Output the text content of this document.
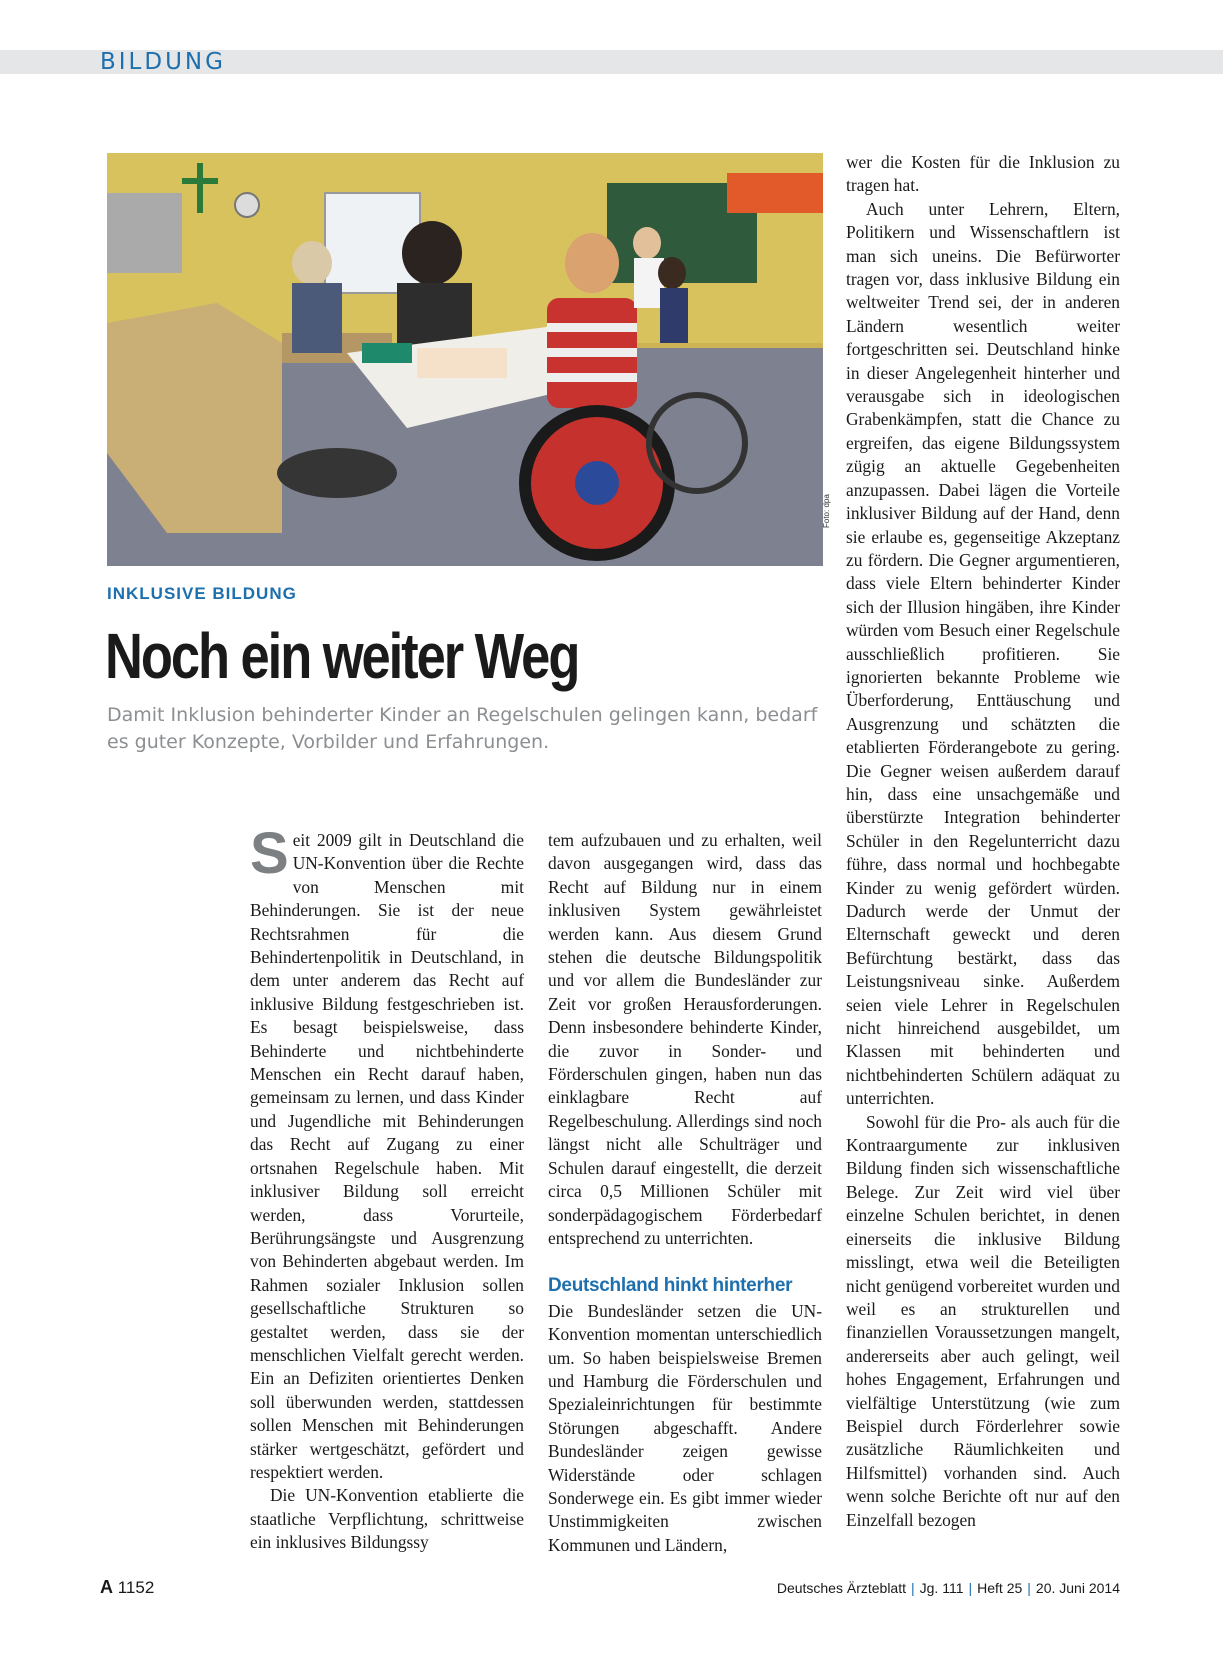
BILDUNG
Foto: dpa
INKLUSIVE BILDUNG
Noch ein weiter Weg
Damit Inklusion behinderter Kinder an Regelschulen gelingen kann, bedarf es guter Konzepte, Vorbilder und Erfahrungen.

Seit 2009 gilt in Deutschland die UN-Konvention über die Rechte von Menschen mit Behinderungen. Sie ist der neue Rechtsrahmen für die Behindertenpolitik in Deutschland, in dem unter anderem das Recht auf inklusive Bildung festgeschrieben ist. Es besagt beispielsweise, dass Behinderte und nichtbehinderte Menschen ein Recht darauf haben, gemeinsam zu lernen, und dass Kinder und Jugendliche mit Behinderungen das Recht auf Zugang zu einer ortsnahen Regelschule haben. Mit inklusiver Bildung soll erreicht werden, dass Vorurteile, Berührungsängste und Ausgrenzung von Behinderten abgebaut werden. Im Rahmen sozialer Inklusion sollen gesellschaftliche Strukturen so gestaltet werden, dass sie der menschlichen Vielfalt gerecht werden. Ein an Defiziten orientiertes Denken soll überwunden werden, stattdessen sollen Menschen mit Behinderungen stärker wertgeschätzt, gefördert und respektiert werden.

Die UN-Konvention etablierte die staatliche Verpflichtung, schrittweise ein inklusives Bildungssy

tem aufzubauen und zu erhalten, weil davon ausgegangen wird, dass das Recht auf Bildung nur in einem inklusiven System gewährleistet werden kann. Aus diesem Grund stehen die deutsche Bildungspolitik und vor allem die Bundesländer zur Zeit vor großen Herausforderungen. Denn insbesondere behinderte Kinder, die zuvor in Sonder- und Förderschulen gingen, haben nun das einklagbare Recht auf Regelbeschulung. Allerdings sind noch längst nicht alle Schulträger und Schulen darauf eingestellt, die derzeit circa 0,5 Millionen Schüler mit sonderpädagogischem Förderbedarf entsprechend zu unterrichten.

Deutschland hinkt hinterher

Die Bundesländer setzen die UN-Konvention momentan unterschiedlich um. So haben beispielsweise Bremen und Hamburg die Förderschulen und Spezialeinrichtungen für bestimmte Störungen abgeschafft. Andere Bundesländer zeigen gewisse Widerstände oder schlagen Sonderwege ein. Es gibt immer wieder Unstimmigkeiten zwischen Kommunen und Ländern,

wer die Kosten für die Inklusion zu tragen hat.

Auch unter Lehrern, Eltern, Politikern und Wissenschaftlern ist man sich uneins. Die Befürworter tragen vor, dass inklusive Bildung ein weltweiter Trend sei, der in anderen Ländern wesentlich weiter fortgeschritten sei. Deutschland hinke in dieser Angelegenheit hinterher und verausgabe sich in ideologischen Grabenkämpfen, statt die Chance zu ergreifen, das eigene Bildungssystem zügig an aktuelle Gegebenheiten anzupassen. Dabei lägen die Vorteile inklusiver Bildung auf der Hand, denn sie erlaube es, gegenseitige Akzeptanz zu fördern. Die Gegner argumentieren, dass viele Eltern behinderter Kinder sich der Illusion hingäben, ihre Kinder würden vom Besuch einer Regelschule ausschließlich profitieren. Sie ignorierten bekannte Probleme wie Überforderung, Enttäuschung und Ausgrenzung und schätzten die etablierten Förderangebote zu gering. Die Gegner weisen außerdem darauf hin, dass eine unsachgemäße und überstürzte Integration behinderter Schüler in den Regelunterricht dazu führe, dass normal und hochbegabte Kinder zu wenig gefördert würden. Dadurch werde der Unmut der Elternschaft geweckt und deren Befürchtung bestärkt, dass das Leistungsniveau sinke. Außerdem seien viele Lehrer in Regelschulen nicht hinreichend ausgebildet, um Klassen mit behinderten und nichtbehinderten Schülern adäquat zu unterrichten.

Sowohl für die Pro- als auch für die Kontraargumente zur inklusiven Bildung finden sich wissenschaftliche Belege. Zur Zeit wird viel über einzelne Schulen berichtet, in denen einerseits die inklusive Bildung misslingt, etwa weil die Beteiligten nicht genügend vorbereitet wurden und weil es an strukturellen und finanziellen Voraussetzungen mangelt, andererseits aber auch gelingt, weil hohes Engagement, Erfahrungen und vielfältige Unterstützung (wie zum Beispiel durch Förderlehrer sowie zusätzliche Räumlichkeiten und Hilfsmittel) vorhanden sind. Auch wenn solche Berichte oft nur auf den Einzelfall bezogen

A 1152	Deutsches Ärzteblatt | Jg. 111 | Heft 25 | 20. Juni 2014
